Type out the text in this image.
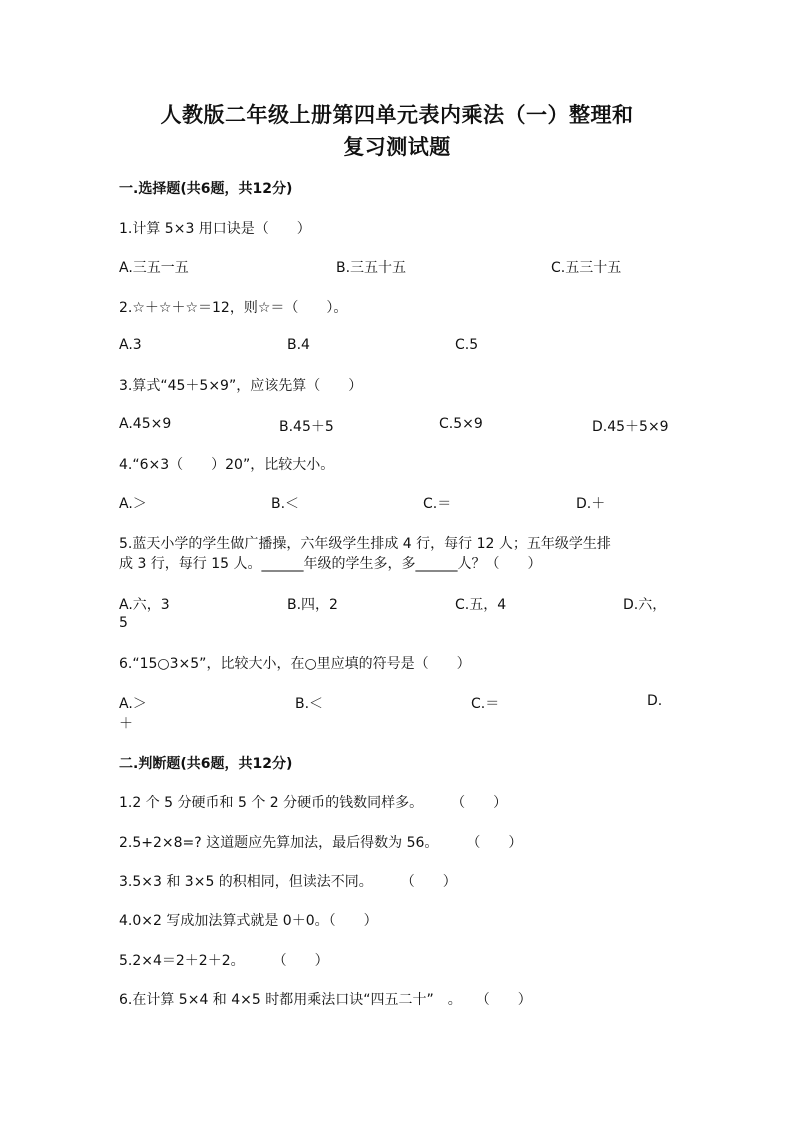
人教版二年级上册第四单元表内乘法（一）整理和
复习测试题
一.选择题(共6题，共12分)
1.计算 5×3 用口诀是（　　）
A.三五一五	B.三五十五	C.五三十五
2.☆＋☆＋☆＝12，则☆＝（　　）。
A.3	B.4	C.5
3.算式“45＋5×9”，应该先算（　　）
A.45×9	B.45＋5	C.5×9	D.45＋5×9
4.“6×3（　　）20”，比较大小。
A.＞	B.＜	C.＝	D.＋
5.蓝天小学的学生做广播操，六年级学生排成 4 行，每行 12 人；五年级学生排
成 3 行，每行 15 人。______年级的学生多，多______人？（　　）
A.六，3	B.四，2	C.五，4	D.六，
5
6.“15○3×5”，比较大小，在○里应填的符号是（　　）
A.＞	B.＜	C.＝	D.
＋
二.判断题(共6题，共12分)
1.2 个 5 分硬币和 5 个 2 分硬币的钱数同样多。　　　（　　）
2.5+2×8=? 这道题应先算加法，最后得数为 56。　　　（　　）
3.5×3 和 3×5 的积相同，但读法不同。　　　（　　）
4.0×2 写成加法算式就是 0＋0。（　　）
5.2×4＝2＋2＋2。　　　（　　）
6.在计算 5×4 和 4×5 时都用乘法口诀“四五二十”　。　　（　　）
